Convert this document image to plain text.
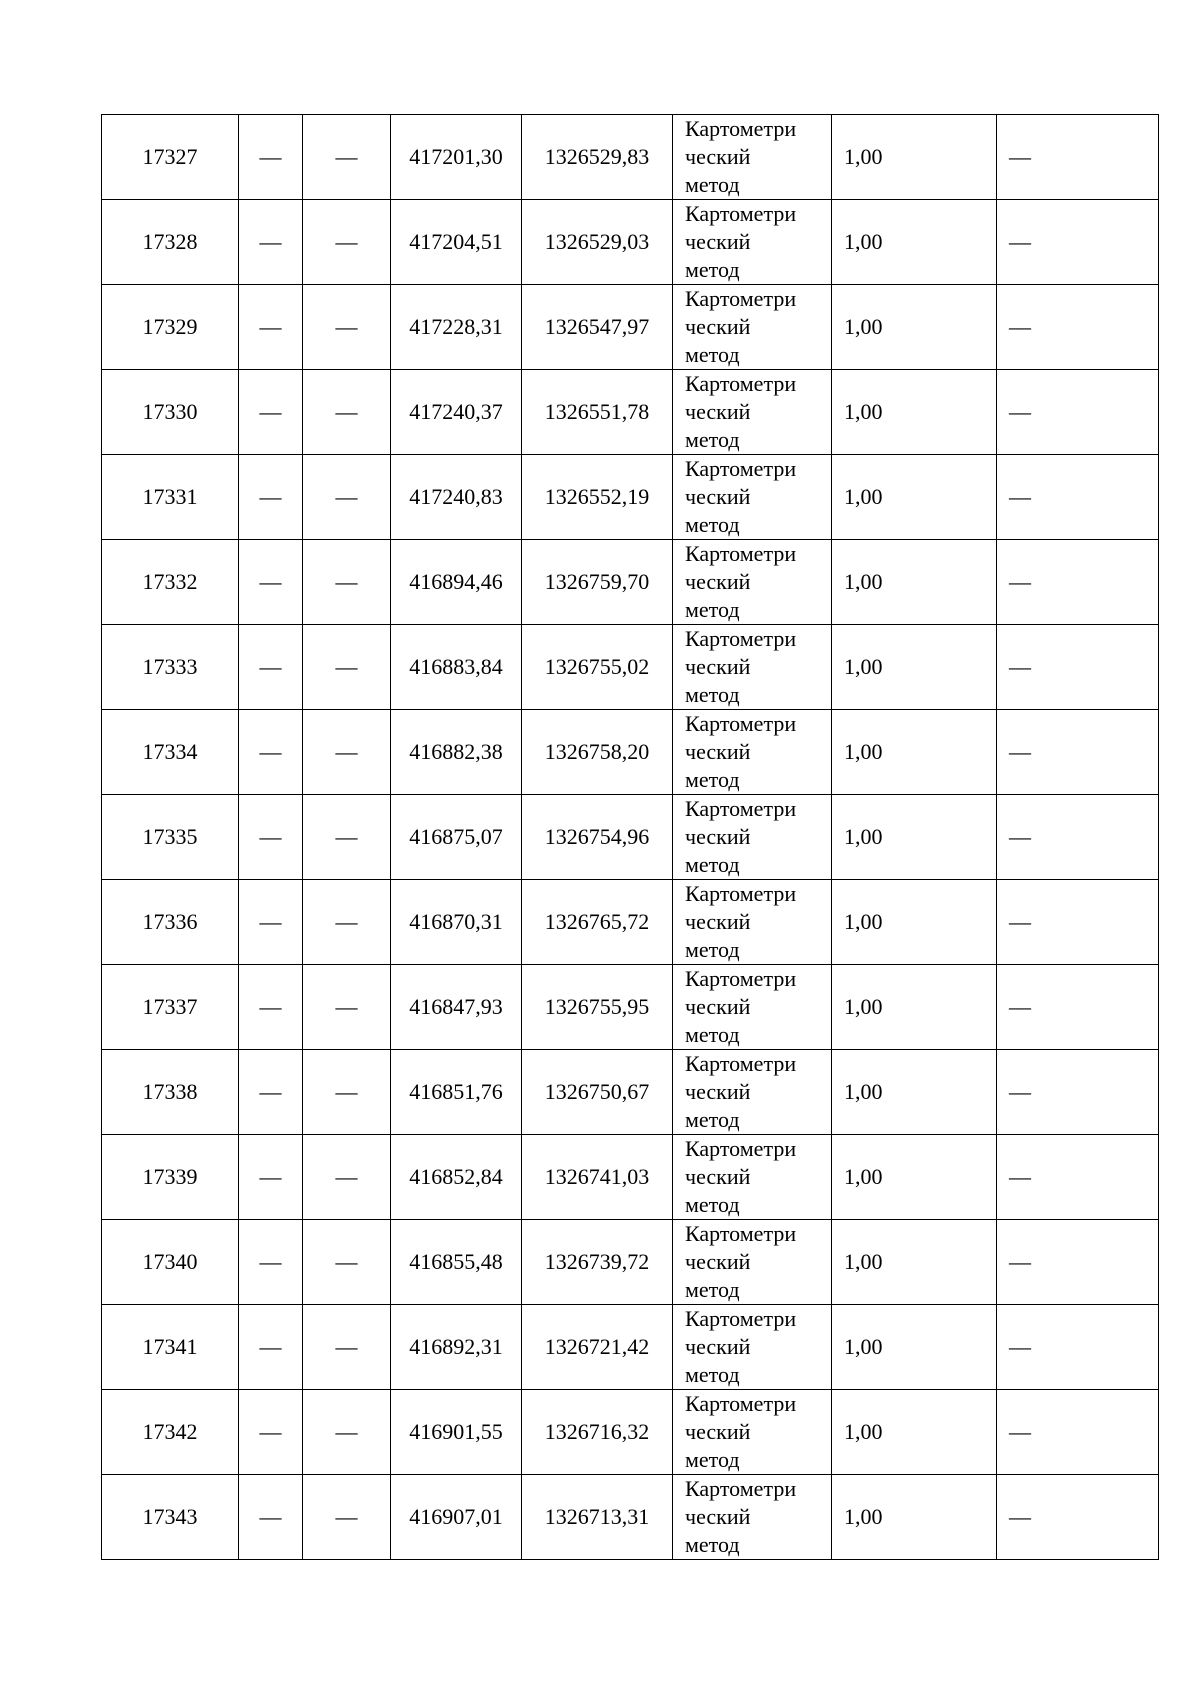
17327	—	—	417201,30	1326529,83	Картометри
ческий
метод	1,00	—
17328	—	—	417204,51	1326529,03	Картометри
ческий
метод	1,00	—
17329	—	—	417228,31	1326547,97	Картометри
ческий
метод	1,00	—
17330	—	—	417240,37	1326551,78	Картометри
ческий
метод	1,00	—
17331	—	—	417240,83	1326552,19	Картометри
ческий
метод	1,00	—
17332	—	—	416894,46	1326759,70	Картометри
ческий
метод	1,00	—
17333	—	—	416883,84	1326755,02	Картометри
ческий
метод	1,00	—
17334	—	—	416882,38	1326758,20	Картометри
ческий
метод	1,00	—
17335	—	—	416875,07	1326754,96	Картометри
ческий
метод	1,00	—
17336	—	—	416870,31	1326765,72	Картометри
ческий
метод	1,00	—
17337	—	—	416847,93	1326755,95	Картометри
ческий
метод	1,00	—
17338	—	—	416851,76	1326750,67	Картометри
ческий
метод	1,00	—
17339	—	—	416852,84	1326741,03	Картометри
ческий
метод	1,00	—
17340	—	—	416855,48	1326739,72	Картометри
ческий
метод	1,00	—
17341	—	—	416892,31	1326721,42	Картометри
ческий
метод	1,00	—
17342	—	—	416901,55	1326716,32	Картометри
ческий
метод	1,00	—
17343	—	—	416907,01	1326713,31	Картометри
ческий
метод	1,00	—
